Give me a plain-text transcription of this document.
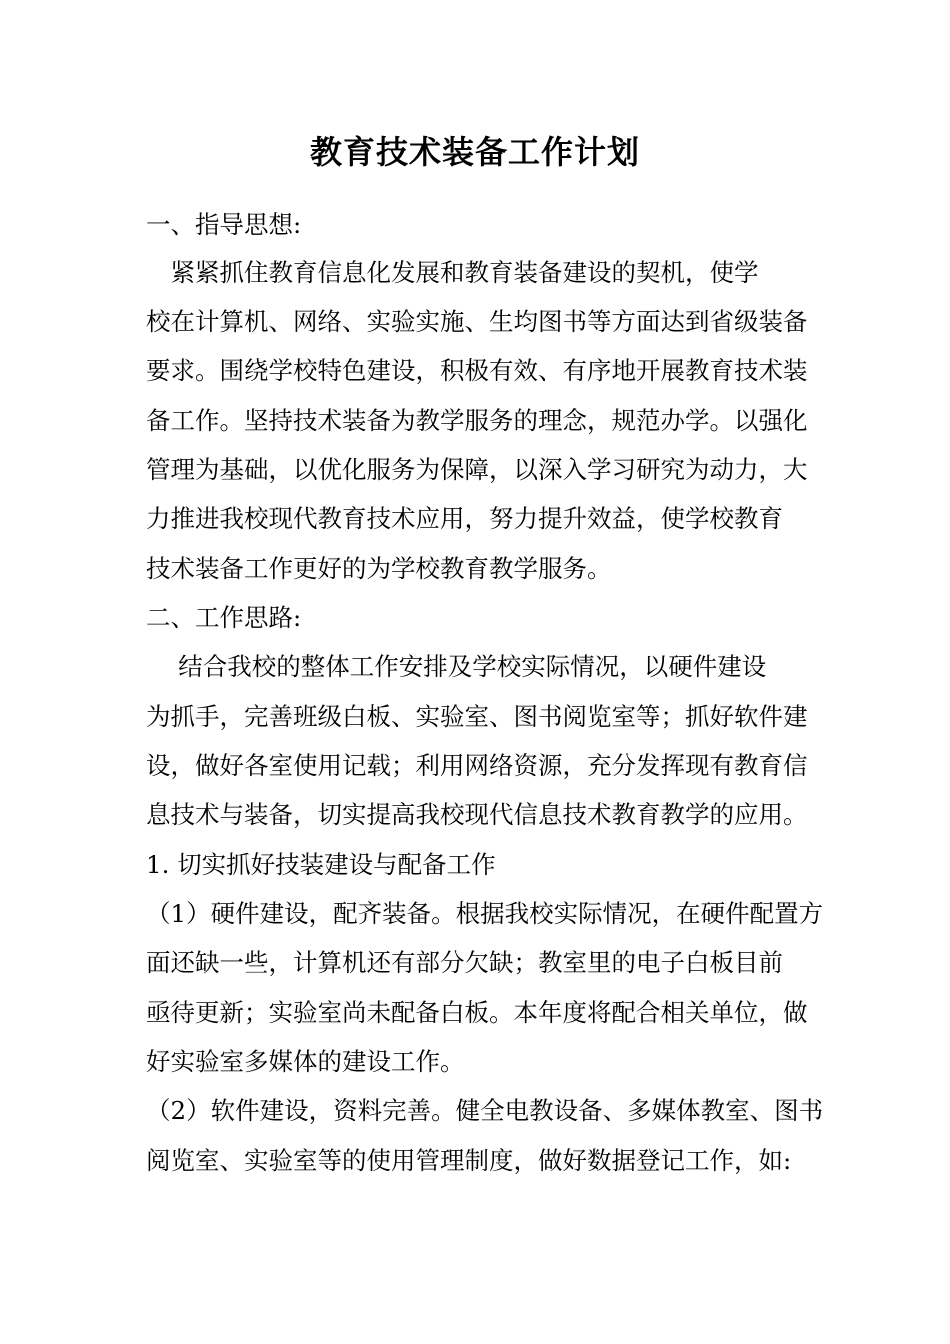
教育技术装备工作计划
一、指导思想:
　紧紧抓住教育信息化发展和教育装备建设的契机，使学
校在计算机、网络、实验实施、生均图书等方面达到省级装备
要求。围绕学校特色建设，积极有效、有序地开展教育技术装
备工作。坚持技术装备为教学服务的理念，规范办学。以强化
管理为基础，以优化服务为保障，以深入学习研究为动力，大
力推进我校现代教育技术应用，努力提升效益，使学校教育
技术装备工作更好的为学校教育教学服务。
二、工作思路:
　 结合我校的整体工作安排及学校实际情况，以硬件建设
为抓手，完善班级白板、实验室、图书阅览室等；抓好软件建
设，做好各室使用记载；利用网络资源，充分发挥现有教育信
息技术与装备，切实提高我校现代信息技术教育教学的应用。
1. 切实抓好技装建设与配备工作
（1）硬件建设，配齐装备。根据我校实际情况，在硬件配置方
面还缺一些，计算机还有部分欠缺；教室里的电子白板目前
亟待更新；实验室尚未配备白板。本年度将配合相关单位，做
好实验室多媒体的建设工作。
（2）软件建设，资料完善。健全电教设备、多媒体教室、图书
阅览室、实验室等的使用管理制度，做好数据登记工作，如:
